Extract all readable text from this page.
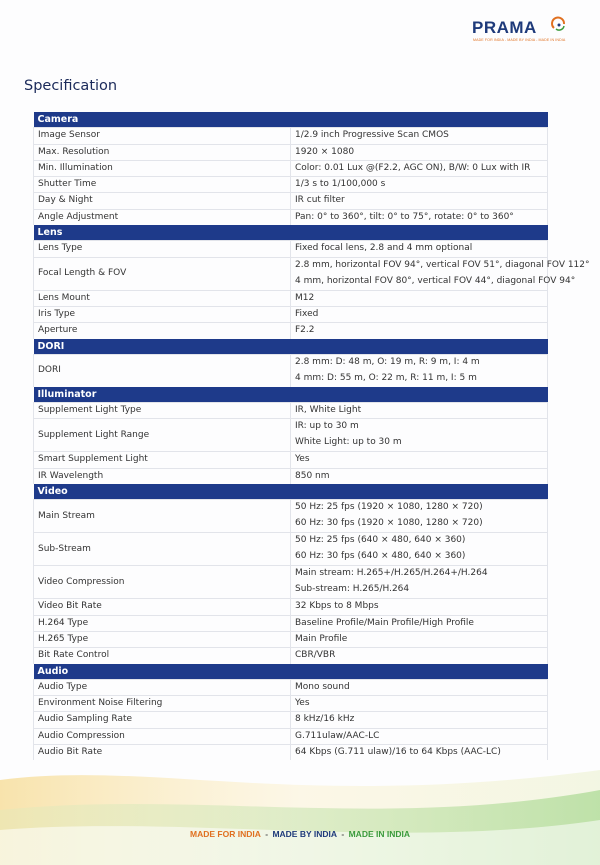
PRAMA
MADE FOR INDIA - MADE BY INDIA - MADE IN INDIA
Specification
Camera	
Image Sensor	1/2.9 inch Progressive Scan CMOS
Max. Resolution	1920 × 1080
Min. Illumination	Color: 0.01 Lux @(F2.2, AGC ON), B/W: 0 Lux with IR
Shutter Time	1/3 s to 1/100,000 s
Day & Night	IR cut filter
Angle Adjustment	Pan: 0° to 360°, tilt: 0° to 75°, rotate: 0° to 360°
Lens	
Lens Type	Fixed focal lens, 2.8 and 4 mm optional
Focal Length & FOV	2.8 mm, horizontal FOV 94°, vertical FOV 51°, diagonal FOV 112°
4 mm, horizontal FOV 80°, vertical FOV 44°, diagonal FOV 94°

Lens Mount	M12
Iris Type	Fixed
Aperture	F2.2
DORI	
DORI	2.8 mm: D: 48 m, O: 19 m, R: 9 m, I: 4 m
4 mm: D: 55 m, O: 22 m, R: 11 m, I: 5 m

Illuminator	
Supplement Light Type	IR, White Light
Supplement Light Range	IR: up to 30 m
White Light: up to 30 m

Smart Supplement Light	Yes
IR Wavelength	850 nm
Video	
Main Stream	50 Hz: 25 fps (1920 × 1080, 1280 × 720)
60 Hz: 30 fps (1920 × 1080, 1280 × 720)

Sub-Stream	50 Hz: 25 fps (640 × 480, 640 × 360)
60 Hz: 30 fps (640 × 480, 640 × 360)

Video Compression	Main stream: H.265+/H.265/H.264+/H.264
Sub-stream: H.265/H.264

Video Bit Rate	32 Kbps to 8 Mbps
H.264 Type	Baseline Profile/Main Profile/High Profile
H.265 Type	Main Profile
Bit Rate Control	CBR/VBR
Audio	
Audio Type	Mono sound
Environment Noise Filtering	Yes
Audio Sampling Rate	8 kHz/16 kHz
Audio Compression	G.711ulaw/AAC-LC
Audio Bit Rate	64 Kbps (G.711 ulaw)/16 to 64 Kbps (AAC-LC)
MADE FOR INDIA - MADE BY INDIA - MADE IN INDIA
